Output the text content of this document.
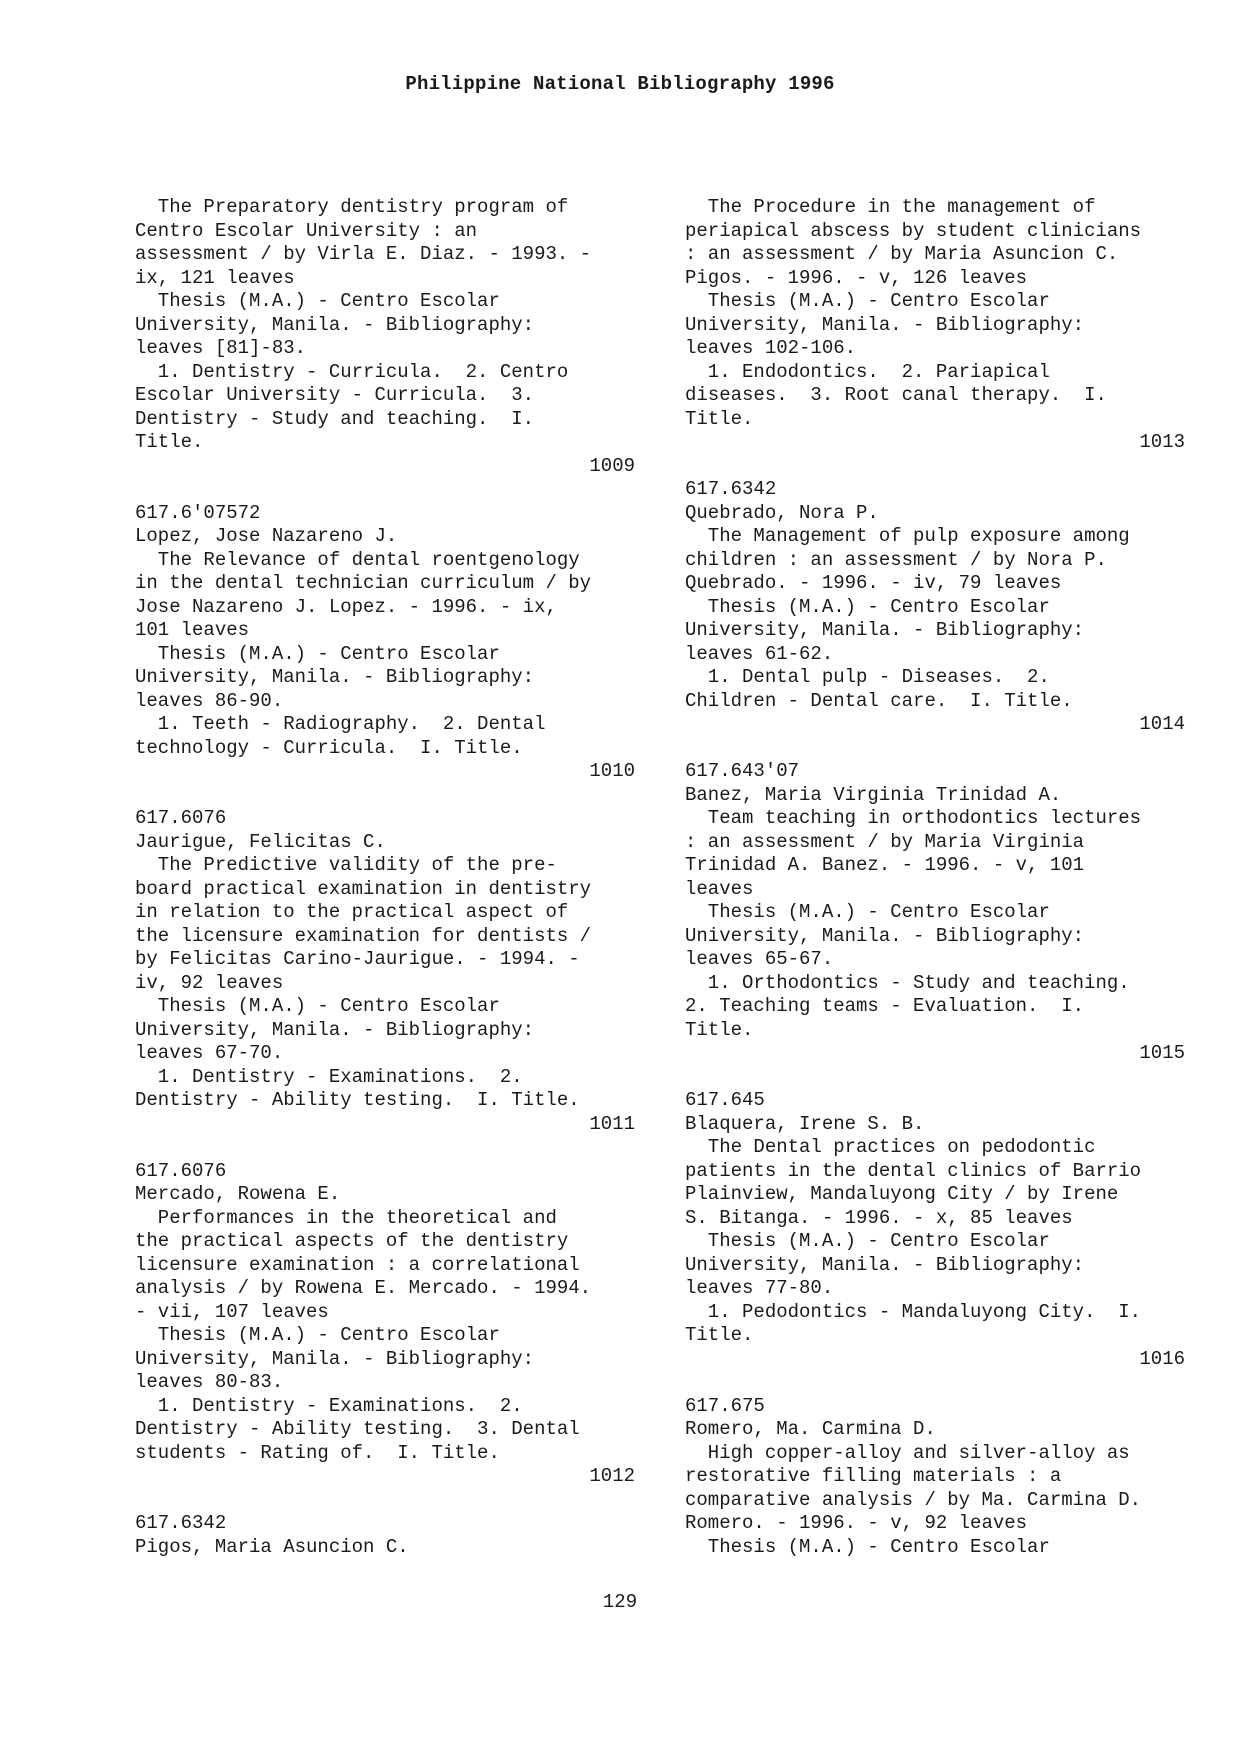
Philippine National Bibliography 1996

The Preparatory dentistry program of

Centro Escolar University : an

assessment / by Virla E. Diaz. - 1993. -

ix, 121 leaves

Thesis (M.A.) - Centro Escolar

University, Manila. - Bibliography:

leaves [81]-83.

1. Dentistry - Curricula.  2. Centro

Escolar University - Curricula.  3.

Dentistry - Study and teaching.  I.

Title.

1009

617.6'07572

Lopez, Jose Nazareno J.

The Relevance of dental roentgenology

in the dental technician curriculum / by

Jose Nazareno J. Lopez. - 1996. - ix,

101 leaves

Thesis (M.A.) - Centro Escolar

University, Manila. - Bibliography:

leaves 86-90.

1. Teeth - Radiography.  2. Dental

technology - Curricula.  I. Title.

1010

617.6076

Jaurigue, Felicitas C.

The Predictive validity of the pre-

board practical examination in dentistry

in relation to the practical aspect of

the licensure examination for dentists /

by Felicitas Carino-Jaurigue. - 1994. -

iv, 92 leaves

Thesis (M.A.) - Centro Escolar

University, Manila. - Bibliography:

leaves 67-70.

1. Dentistry - Examinations.  2.

Dentistry - Ability testing.  I. Title.

1011

617.6076

Mercado, Rowena E.

Performances in the theoretical and

the practical aspects of the dentistry

licensure examination : a correlational

analysis / by Rowena E. Mercado. - 1994.

- vii, 107 leaves

Thesis (M.A.) - Centro Escolar

University, Manila. - Bibliography:

leaves 80-83.

1. Dentistry - Examinations.  2.

Dentistry - Ability testing.  3. Dental

students - Rating of.  I. Title.

1012

617.6342

Pigos, Maria Asuncion C.

The Procedure in the management of

periapical abscess by student clinicians

: an assessment / by Maria Asuncion C.

Pigos. - 1996. - v, 126 leaves

Thesis (M.A.) - Centro Escolar

University, Manila. - Bibliography:

leaves 102-106.

1. Endodontics.  2. Pariapical

diseases.  3. Root canal therapy.  I.

Title.

1013

617.6342

Quebrado, Nora P.

The Management of pulp exposure among

children : an assessment / by Nora P.

Quebrado. - 1996. - iv, 79 leaves

Thesis (M.A.) - Centro Escolar

University, Manila. - Bibliography:

leaves 61-62.

1. Dental pulp - Diseases.  2.

Children - Dental care.  I. Title.

1014

617.643'07

Banez, Maria Virginia Trinidad A.

Team teaching in orthodontics lectures

: an assessment / by Maria Virginia

Trinidad A. Banez. - 1996. - v, 101

leaves

Thesis (M.A.) - Centro Escolar

University, Manila. - Bibliography:

leaves 65-67.

1. Orthodontics - Study and teaching.

2. Teaching teams - Evaluation.  I.

Title.

1015

617.645

Blaquera, Irene S. B.

The Dental practices on pedodontic

patients in the dental clinics of Barrio

Plainview, Mandaluyong City / by Irene

S. Bitanga. - 1996. - x, 85 leaves

Thesis (M.A.) - Centro Escolar

University, Manila. - Bibliography:

leaves 77-80.

1. Pedodontics - Mandaluyong City.  I.

Title.

1016

617.675

Romero, Ma. Carmina D.

High copper-alloy and silver-alloy as

restorative filling materials : a

comparative analysis / by Ma. Carmina D.

Romero. - 1996. - v, 92 leaves

Thesis (M.A.) - Centro Escolar

129
